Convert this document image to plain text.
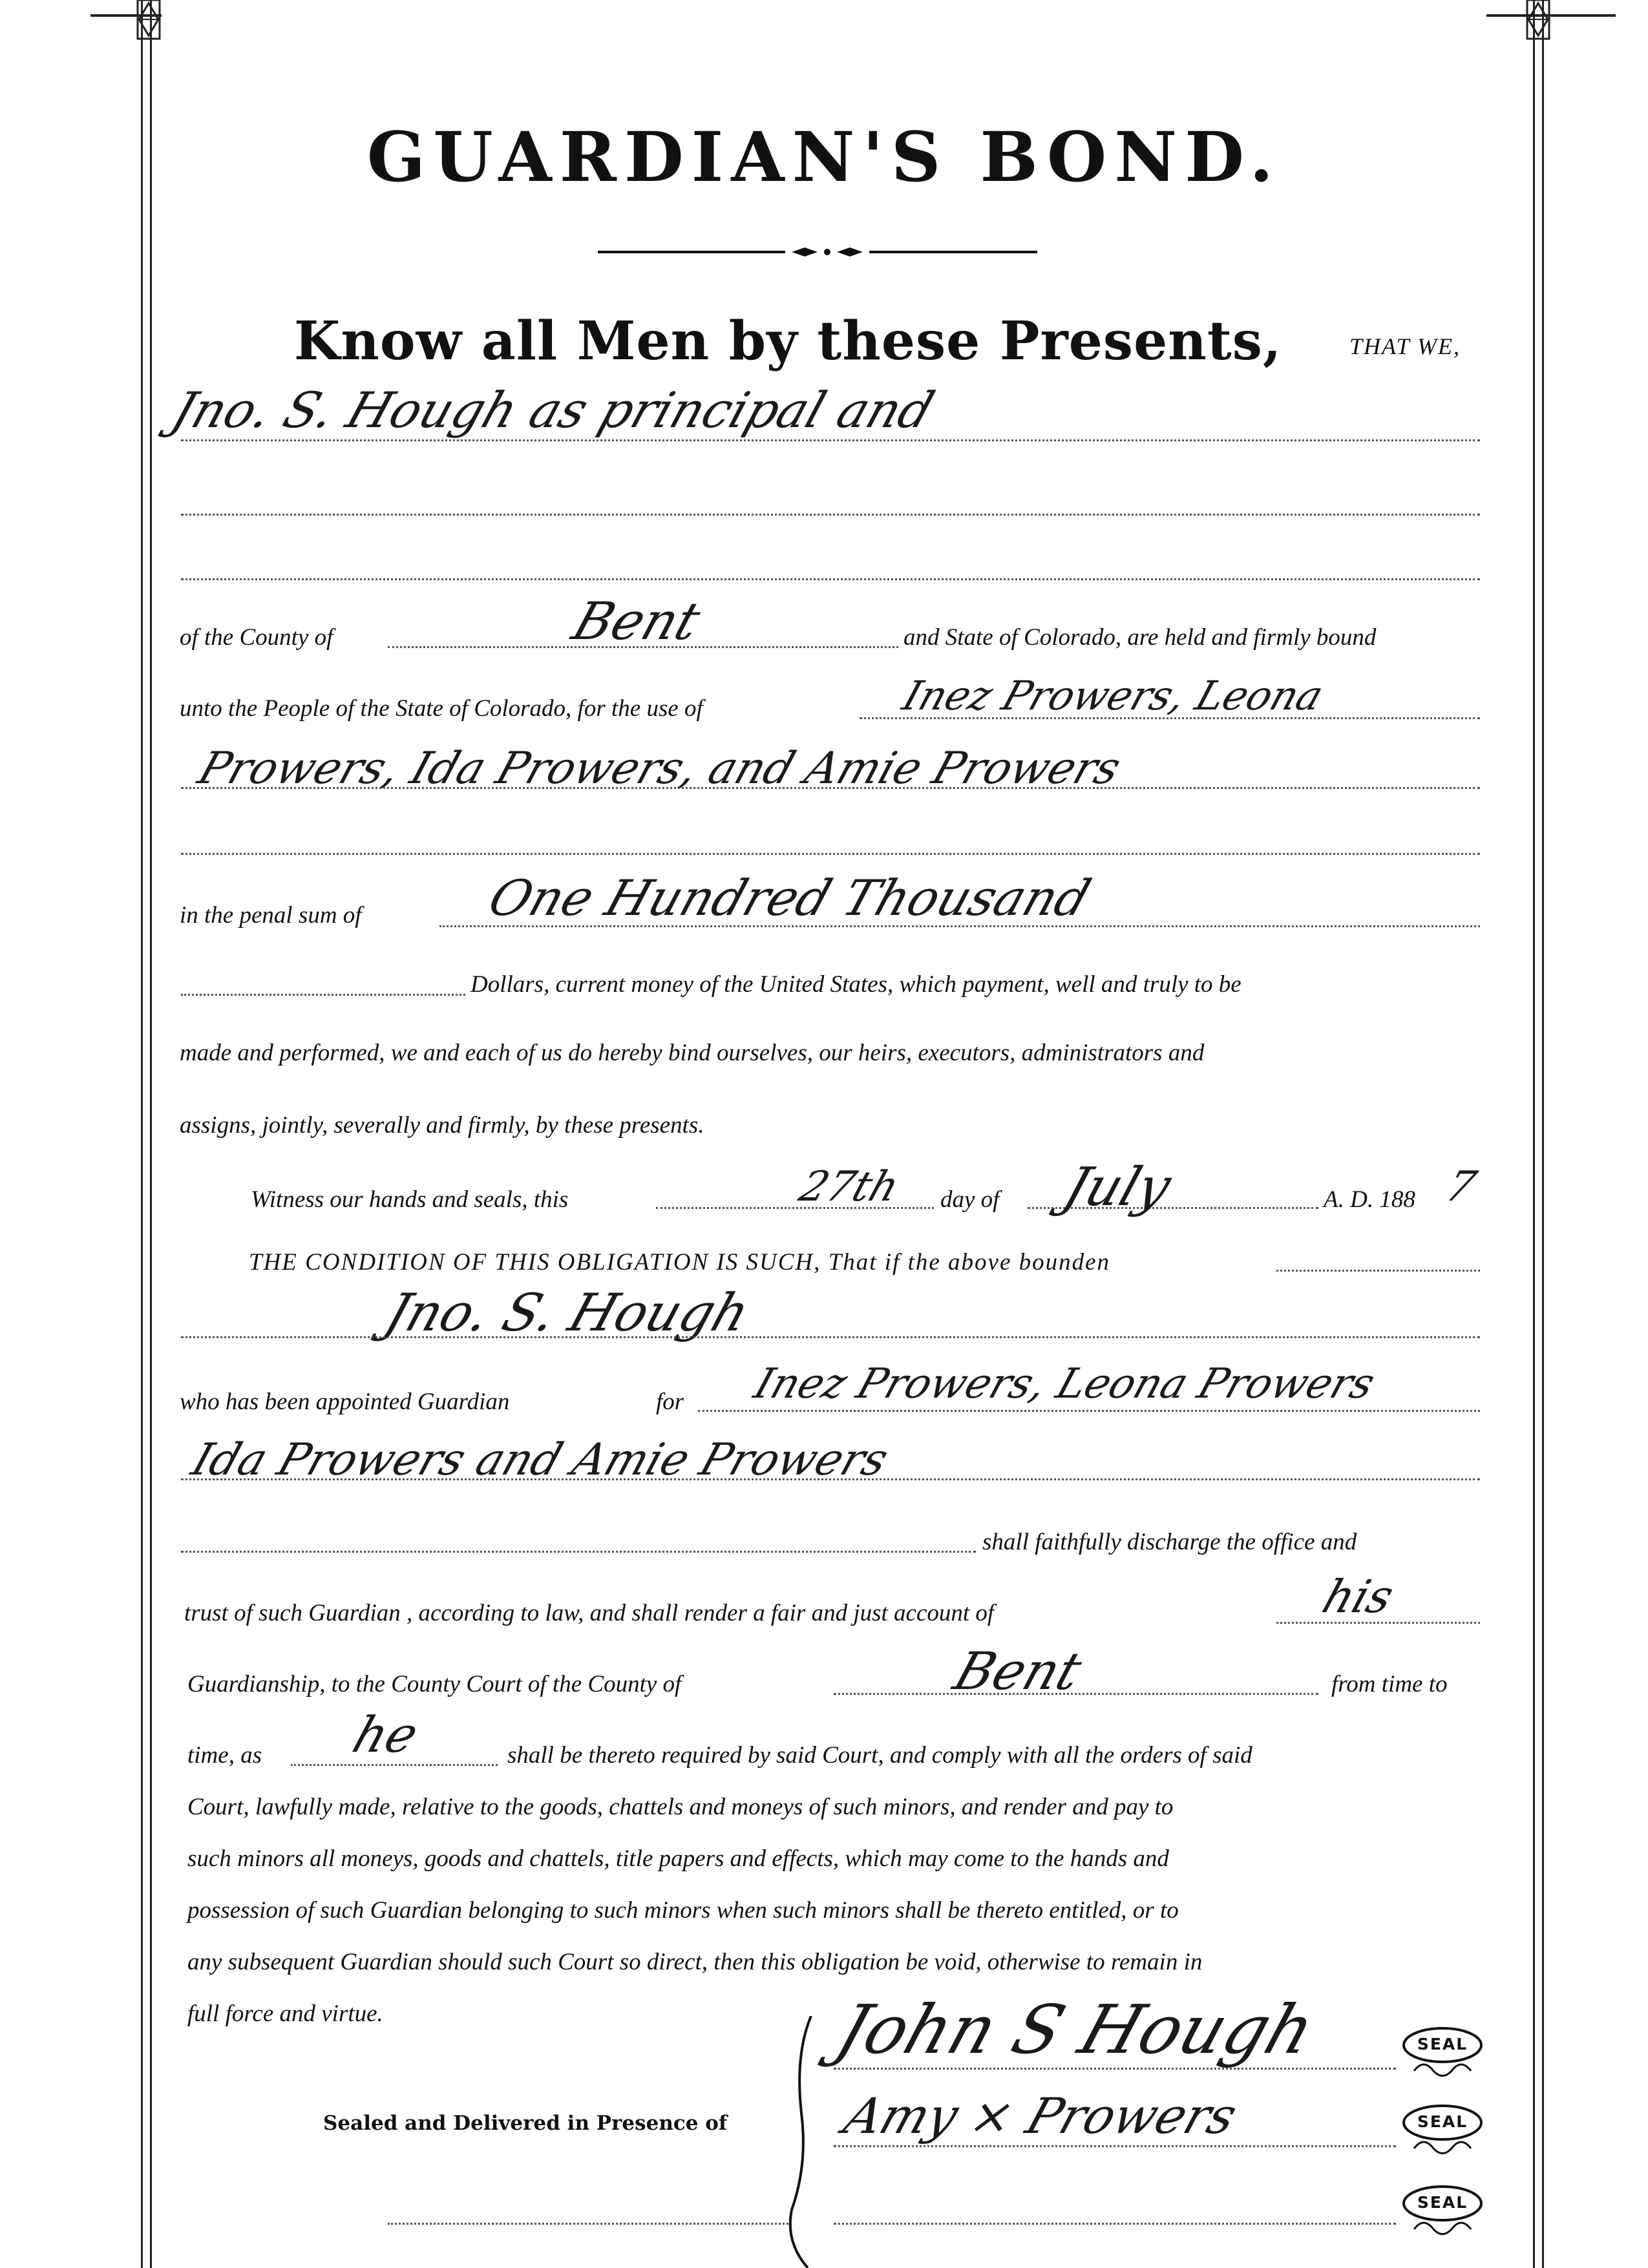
GUARDIAN'S BOND.
Know all Men by these Presents,	THAT WE,
Jno. S. Hough as principal and
of the County of	Bent	and State of Colorado, are held and firmly bound
unto the People of the State of Colorado, for the use of	Inez Prowers, Leona
Prowers, Ida Prowers, and Amie Prowers
in the penal sum of One Hundred Thousand
Dollars, current money of the United States, which payment, well and truly to be
made and performed, we and each of us do hereby bind ourselves, our heirs, executors, administrators and
assigns, jointly, severally and firmly, by these presents.
Witness our hands and seals, this	27th day of July	A. D. 188 7
THE CONDITION OF THIS OBLIGATION IS SUCH, That if the above bounden
Jno. S. Hough
who has been appointed Guardian	for Inez Prowers, Leona Prowers
Ida Prowers and Amie Prowers
shall faithfully discharge the office and
trust of such Guardian , according to law, and shall render a fair and just account of	his
Guardianship, to the County Court of the County of	Bent	from time to
time, as he	shall be thereto required by said Court, and comply with all the orders of said
Court, lawfully made, relative to the goods, chattels and moneys of such minors, and render and pay to
such minors all moneys, goods and chattels, title papers and effects, which may come to the hands and
possession of such Guardian belonging to such minors when such minors shall be thereto entitled, or to
any subsequent Guardian should such Court so direct, then this obligation be void, otherwise to remain in
full force and virtue.	John S Hough
Amy × Prowers
Sealed and Delivered in Presence of
SEAL
SEAL
SEAL
